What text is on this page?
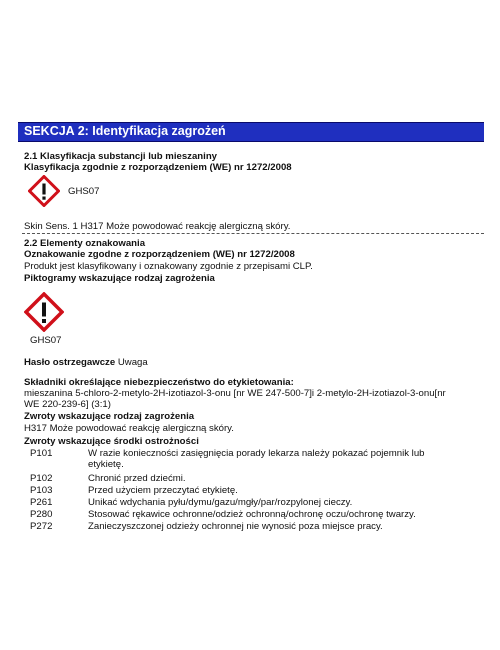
SEKCJA 2: Identyfikacja zagrożeń
2.1 Klasyfikacja substancji lub mieszaniny
Klasyfikacja zgodnie z rozporządzeniem (WE) nr 1272/2008
GHS07
Skin Sens. 1 H317 Może powodować reakcję alergiczną skóry.
2.2 Elementy oznakowania
Oznakowanie zgodne z rozporządzeniem (WE) nr 1272/2008
Produkt jest klasyfikowany i oznakowany zgodnie z przepisami CLP.
Piktogramy wskazujące rodzaj zagrożenia
GHS07
Hasło ostrzegawcze Uwaga
Składniki określające niebezpieczeństwo do etykietowania:
mieszanina 5-chloro-2-metylo-2H-izotiazol-3-onu [nr WE 247-500-7]i 2-metylo-2H-izotiazol-3-onu[nr
WE 220-239-6] (3:1)
Zwroty wskazujące rodzaj zagrożenia
H317 Może powodować reakcję alergiczną skóry.
Zwroty wskazujące środki ostrożności
P101	W razie konieczności zasięgnięcia porady lekarza należy pokazać pojemnik lub
etykietę.
P102	Chronić przed dziećmi.
P103	Przed użyciem przeczytać etykietę.
P261	Unikać wdychania pyłu/dymu/gazu/mgły/par/rozpylonej cieczy.
P280	Stosować rękawice ochronne/odzież ochronną/ochronę oczu/ochronę twarzy.
P272	Zanieczyszczonej odzieży ochronnej nie wynosić poza miejsce pracy.
